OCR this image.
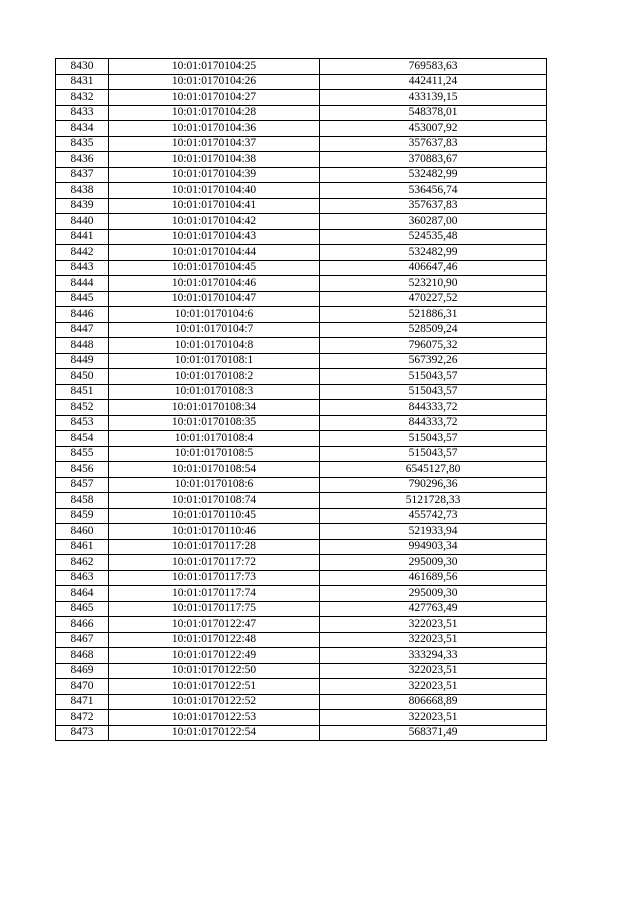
8430	10:01:0170104:25	769583,63
8431	10:01:0170104:26	442411,24
8432	10:01:0170104:27	433139,15
8433	10:01:0170104:28	548378,01
8434	10:01:0170104:36	453007,92
8435	10:01:0170104:37	357637,83
8436	10:01:0170104:38	370883,67
8437	10:01:0170104:39	532482,99
8438	10:01:0170104:40	536456,74
8439	10:01:0170104:41	357637,83
8440	10:01:0170104:42	360287,00
8441	10:01:0170104:43	524535,48
8442	10:01:0170104:44	532482,99
8443	10:01:0170104:45	406647,46
8444	10:01:0170104:46	523210,90
8445	10:01:0170104:47	470227,52
8446	10:01:0170104:6	521886,31
8447	10:01:0170104:7	528509,24
8448	10:01:0170104:8	796075,32
8449	10:01:0170108:1	567392,26
8450	10:01:0170108:2	515043,57
8451	10:01:0170108:3	515043,57
8452	10:01:0170108:34	844333,72
8453	10:01:0170108:35	844333,72
8454	10:01:0170108:4	515043,57
8455	10:01:0170108:5	515043,57
8456	10:01:0170108:54	6545127,80
8457	10:01:0170108:6	790296,36
8458	10:01:0170108:74	5121728,33
8459	10:01:0170110:45	455742,73
8460	10:01:0170110:46	521933,94
8461	10:01:0170117:28	994903,34
8462	10:01:0170117:72	295009,30
8463	10:01:0170117:73	461689,56
8464	10:01:0170117:74	295009,30
8465	10:01:0170117:75	427763,49
8466	10:01:0170122:47	322023,51
8467	10:01:0170122:48	322023,51
8468	10:01:0170122:49	333294,33
8469	10:01:0170122:50	322023,51
8470	10:01:0170122:51	322023,51
8471	10:01:0170122:52	806668,89
8472	10:01:0170122:53	322023,51
8473	10:01:0170122:54	568371,49
